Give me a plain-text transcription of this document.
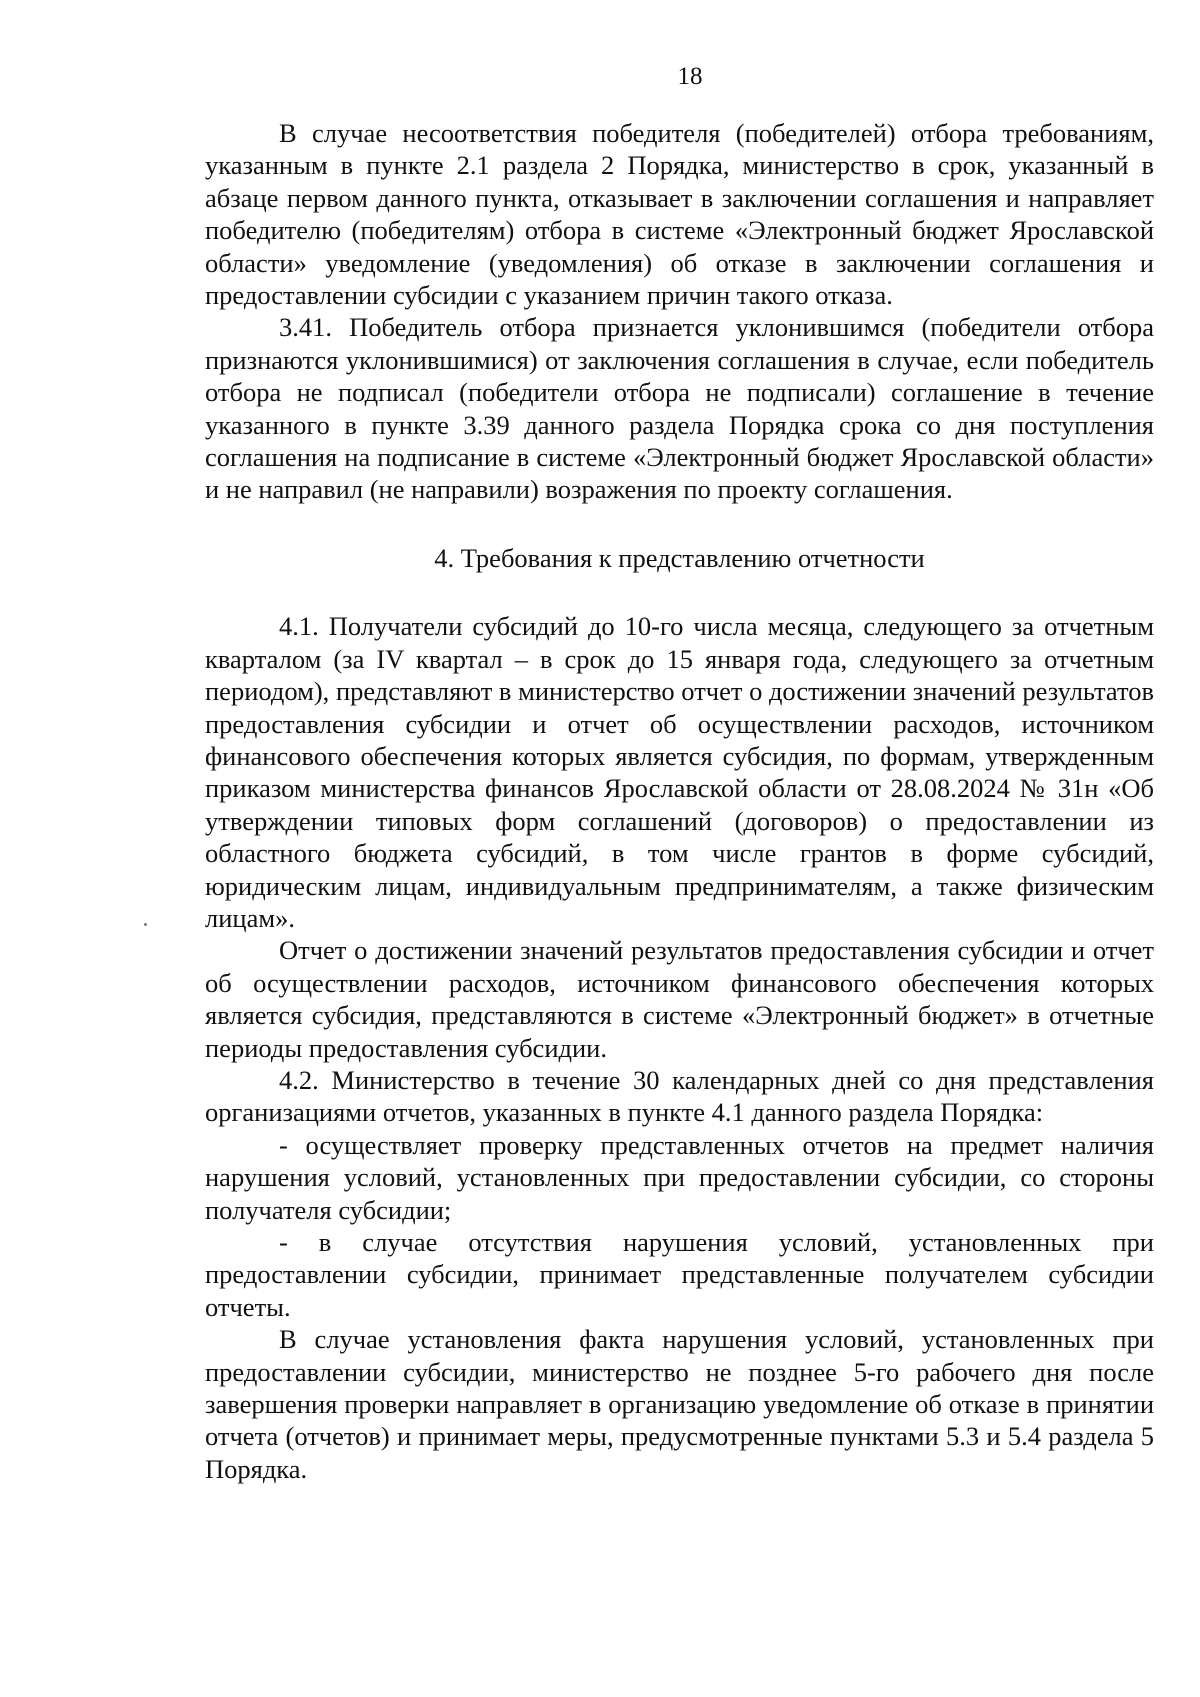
18

В случае несоответствия победителя (победителей) отбора требованиям, указанным в пункте 2.1 раздела 2 Порядка, министерство в срок, указанный в абзаце первом данного пункта, отказывает в заключении соглашения и направляет победителю (победителям) отбора в системе «Электронный бюджет Ярославской области» уведомление (уведомления) об отказе в заключении соглашения и предоставлении субсидии с указанием причин такого отказа.

3.41. Победитель отбора признается уклонившимся (победители отбора признаются уклонившимися) от заключения соглашения в случае, если победитель отбора не подписал (победители отбора не подписали) соглашение в течение указанного в пункте 3.39 данного раздела Порядка срока со дня поступления соглашения на подписание в системе «Электронный бюджет Ярославской области» и не направил (не направили) возражения по проекту соглашения.

4. Требования к представлению отчетности

4.1. Получатели субсидий до 10-го числа месяца, следующего за отчетным кварталом (за IV квартал – в срок до 15 января года, следующего за отчетным периодом), представляют в министерство отчет о достижении значений результатов предоставления субсидии и отчет об осуществлении расходов, источником финансового обеспечения которых является субсидия, по формам, утвержденным приказом министерства финансов Ярославской области от 28.08.2024 № 31н «Об утверждении типовых форм соглашений (договоров) о предоставлении из областного бюджета субсидий, в том числе грантов в форме субсидий, юридическим лицам, индивидуальным предпринимателям, а также физическим лицам».

Отчет о достижении значений результатов предоставления субсидии и отчет об осуществлении расходов, источником финансового обеспечения которых является субсидия, представляются в системе «Электронный бюджет» в отчетные периоды предоставления субсидии.

4.2. Министерство в течение 30 календарных дней со дня представления организациями отчетов, указанных в пункте 4.1 данного раздела Порядка:

- осуществляет проверку представленных отчетов на предмет наличия нарушения условий, установленных при предоставлении субсидии, со стороны получателя субсидии;

- в случае отсутствия нарушения условий, установленных при предоставлении субсидии, принимает представленные получателем субсидии отчеты.

В случае установления факта нарушения условий, установленных при предоставлении субсидии, министерство не позднее 5-го рабочего дня после завершения проверки направляет в организацию уведомление об отказе в принятии отчета (отчетов) и принимает меры, предусмотренные пунктами 5.3 и 5.4 раздела 5 Порядка.
